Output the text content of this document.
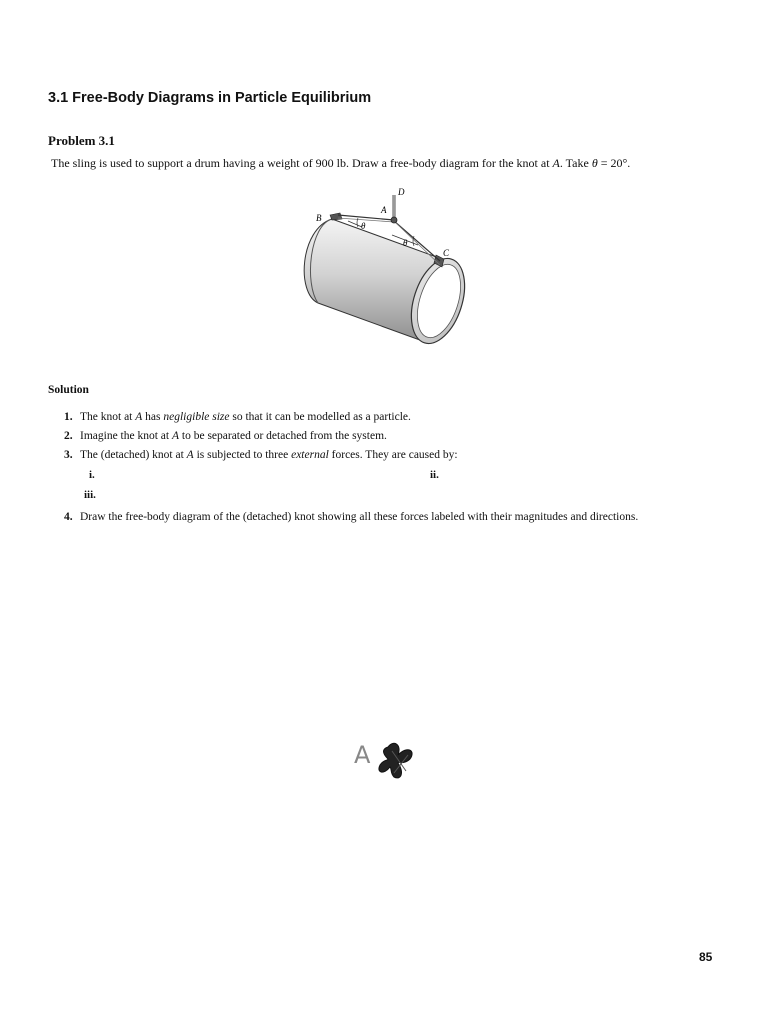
3.1 Free-Body Diagrams in Particle Equilibrium
Problem 3.1
The sling is used to support a drum having a weight of 900 lb. Draw a free-body diagram for the knot at A. Take θ = 20°.
D
A
B
C
θ
θ
Solution
1. The knot at A has negligible size so that it can be modelled as a particle.
2. Imagine the knot at A to be separated or detached from the system.
3. The (detached) knot at A is subjected to three external forces. They are caused by:
i.	ii.
iii.
4. Draw the free-body diagram of the (detached) knot showing all these forces labeled with their magnitudes and directions.
A
85
